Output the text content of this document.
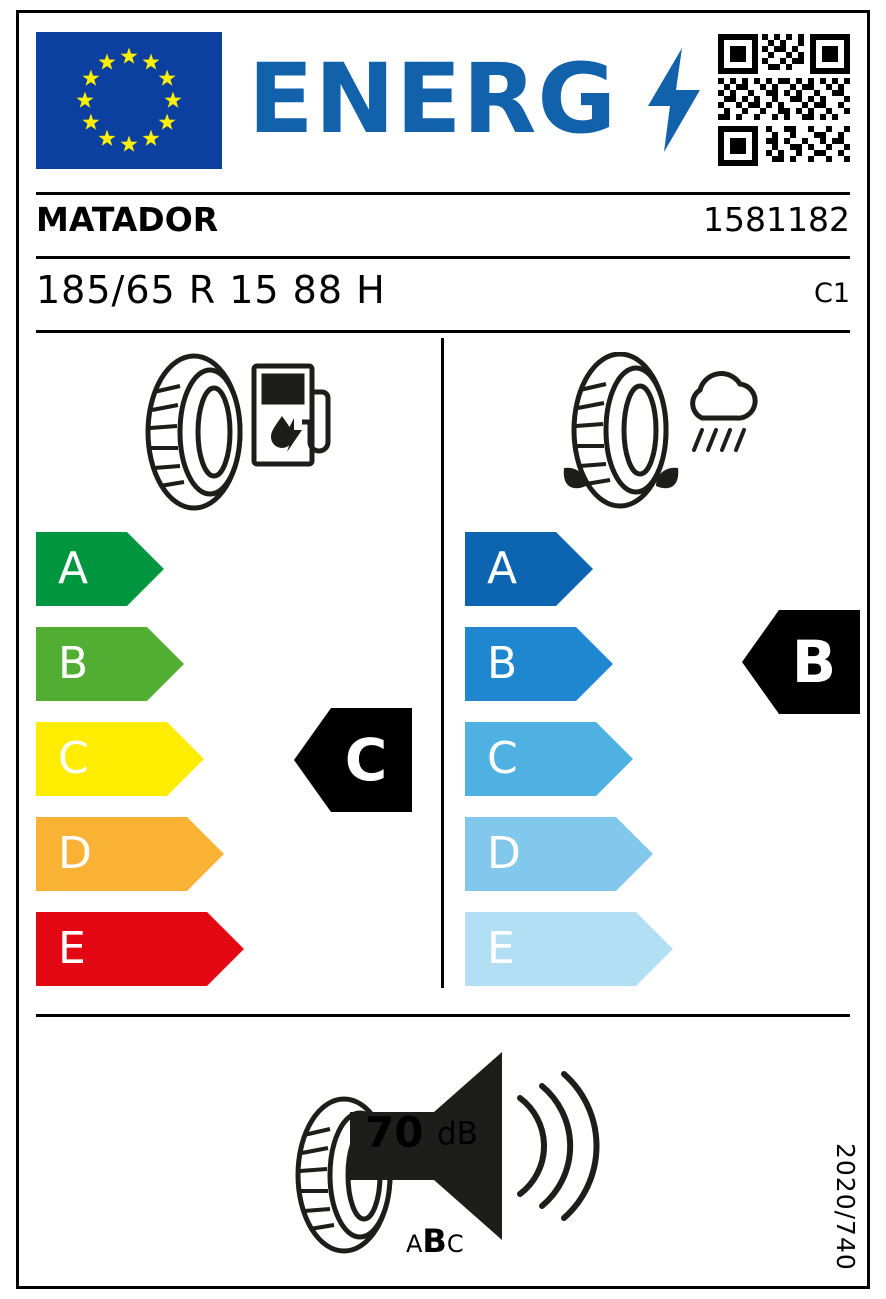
ENERG
MATADOR	1581182
185/65 R 15 88 H	C1
A
B
C
D
E
A
B
C
D
E
C
B
70 dB
ABC	2020/740
